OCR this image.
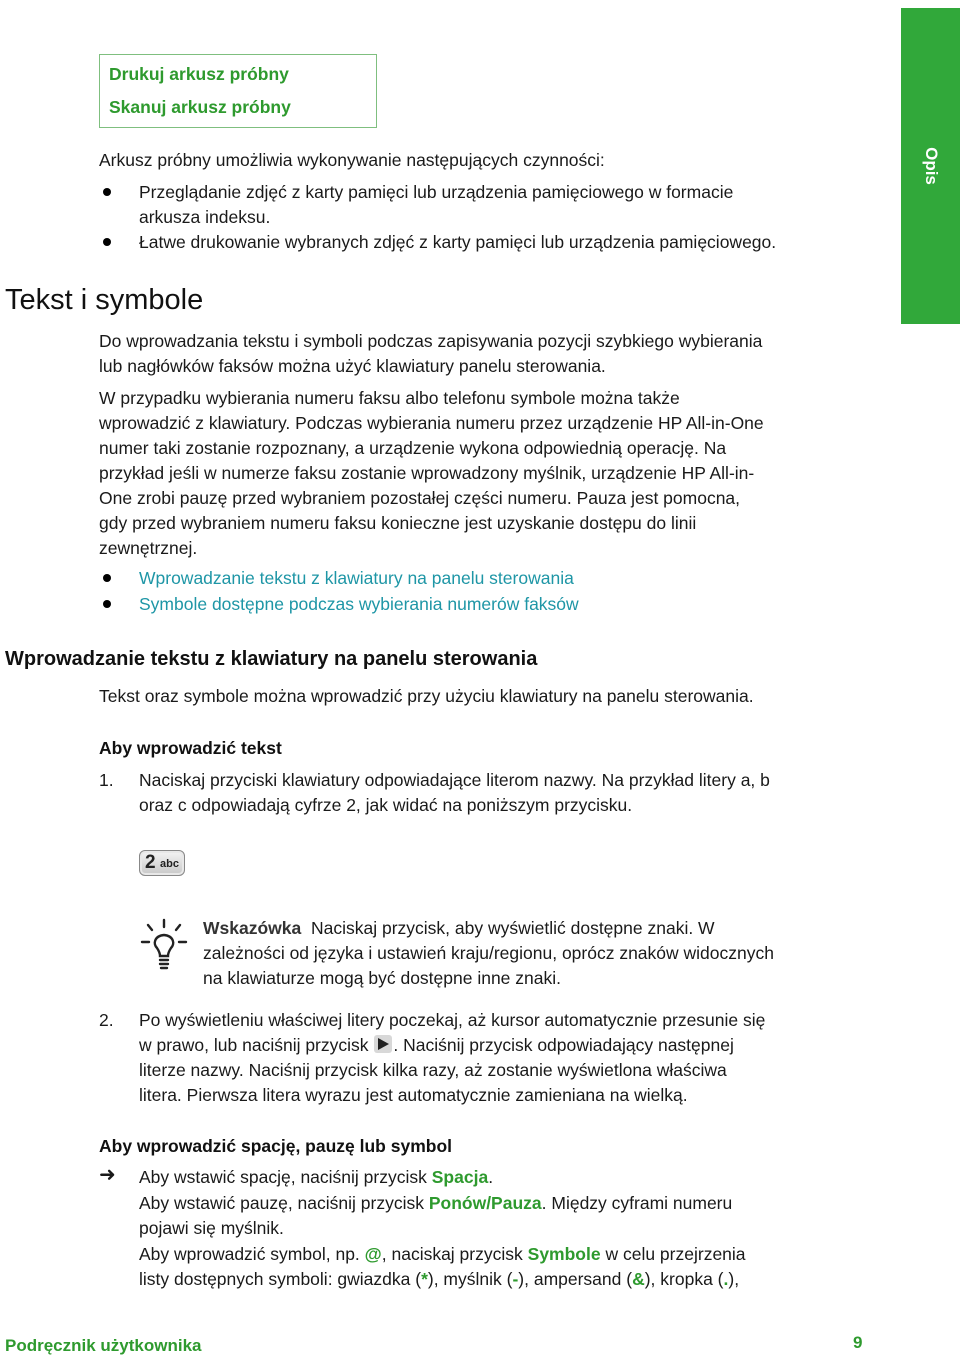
Opis
Drukuj arkusz próbny
Skanuj arkusz próbny
Arkusz próbny umożliwia wykonywanie następujących czynności:
Przeglądanie zdjęć z karty pamięci lub urządzenia pamięciowego w formacie
arkusza indeksu.
Łatwe drukowanie wybranych zdjęć z karty pamięci lub urządzenia pamięciowego.
Tekst i symbole
Do wprowadzania tekstu i symboli podczas zapisywania pozycji szybkiego wybierania
lub nagłówków faksów można użyć klawiatury panelu sterowania.
W przypadku wybierania numeru faksu albo telefonu symbole można także
wprowadzić z klawiatury. Podczas wybierania numeru przez urządzenie HP All-in-One
numer taki zostanie rozpoznany, a urządzenie wykona odpowiednią operację. Na
przykład jeśli w numerze faksu zostanie wprowadzony myślnik, urządzenie HP All-in-
One zrobi pauzę przed wybraniem pozostałej części numeru. Pauza jest pomocna,
gdy przed wybraniem numeru faksu konieczne jest uzyskanie dostępu do linii
zewnętrznej.
Wprowadzanie tekstu z klawiatury na panelu sterowania
Symbole dostępne podczas wybierania numerów faksów
Wprowadzanie tekstu z klawiatury na panelu sterowania
Tekst oraz symbole można wprowadzić przy użyciu klawiatury na panelu sterowania.
Aby wprowadzić tekst
1. Naciskaj przyciski klawiatury odpowiadające literom nazwy. Na przykład litery a, b
oraz c odpowiadają cyfrze 2, jak widać na poniższym przycisku.
2 abc
Wskazówka Naciskaj przycisk, aby wyświetlić dostępne znaki. W
zależności od języka i ustawień kraju/regionu, oprócz znaków widocznych
na klawiaturze mogą być dostępne inne znaki.
2. Po wyświetleniu właściwej litery poczekaj, aż kursor automatycznie przesunie się
w prawo, lub naciśnij przycisk . Naciśnij przycisk odpowiadający następnej
literze nazwy. Naciśnij przycisk kilka razy, aż zostanie wyświetlona właściwa
litera. Pierwsza litera wyrazu jest automatycznie zamieniana na wielką.
Aby wprowadzić spację, pauzę lub symbol
➜ Aby wstawić spację, naciśnij przycisk Spacja.
Aby wstawić pauzę, naciśnij przycisk Ponów/Pauza. Między cyframi numeru
pojawi się myślnik.
Aby wprowadzić symbol, np. @, naciskaj przycisk Symbole w celu przejrzenia
listy dostępnych symboli: gwiazdka (*), myślnik (-), ampersand (&), kropka (.),
Podręcznik użytkownika	9
